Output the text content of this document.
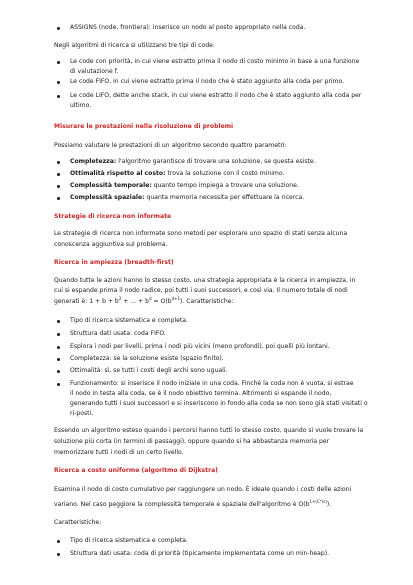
ASSIGNS (node, frontiera): inserisce un nodo al posto appropriato nella coda.
Negli algoritmi di ricerca si utilizzano tre tipi di code:
Le code con priorità, in cui viene estratto prima il nodo di costo minimo in base a una funzione
di valutazione f.
Le code FIFO, in cui viene estratto prima il nodo che è stato aggiunto alla coda per primo.
Le code LIFO, dette anche stack, in cui viene estratto il nodo che è stato aggiunto alla coda per
ultimo.
Misurare le prestazioni nella risoluzione di problemi
Possiamo valutare le prestazioni di un algoritmo secondo quattro parametri:
Completezza: l'algoritmo garantisce di trovare una soluzione, se questa esiste.
Ottimalità rispetto al costo: trova la soluzione con il costo minimo.
Complessità temporale: quanto tempo impiega a trovare una soluzione.
Complessità spaziale: quanta memoria necessita per effettuare la ricerca.
Strategie di ricerca non informate
Le strategie di ricerca non informate sono metodi per esplorare uno spazio di stati senza alcuna
conoscenza aggiuntiva sul problema.
Ricerca in ampiezza (breadth-first)
Quando tutte le azioni hanno lo stesso costo, una strategia appropriata è la ricerca in ampiezza, in
cui si espande prima il nodo radice, poi tutti i suoi successori, e così via. Il numero totale di nodi
generati è: $1 + b + b^2$ + ... + $b^d = O(b^{d+1})$. Caratteristiche:
Tipo di ricerca sistematica e completa.
Struttura dati usata: coda FIFO.
Esplora i nodi per livelli, prima i nodi più vicini (meno profondi), poi quelli più lontani.
Completezza: se la soluzione esiste (spazio finito).
Ottimalità: sì, se tutti i costi degli archi sono uguali.
Funzionamento: si inserisce il nodo iniziale in una coda. Finché la coda non è vuota, si estrae
il nodo in testa alla coda, se è il nodo obiettivo termina. Altrimenti si espande il nodo,
generando tutti i suoi successori e si inseriscono in fondo alla coda se non sono già stati visitati o
ri-posti.
Essendo un algoritmo esteso quando i percorsi hanno tutti lo stesso costo, quando si vuole trovare la
soluzione più corta (in termini di passaggi), oppure quando si ha abbastanza memoria per
memorizzare tutti i nodi di un certo livello.
Ricerca a costo uniforme (algoritmo di Dijkstra)
Esamina il nodo di costo cumulativo per raggiungere un nodo. È ideale quando i costi delle azioni
variano. Nel caso peggiore la complessità temporale e spaziale dell'algoritmo è $O(b^{1+⌊C*/\varepsilon⌋})$.
Caratteristiche:
Tipo di ricerca sistematica e completa.
Struttura dati usata: coda di priorità (tipicamente implementata come un min-heap).
